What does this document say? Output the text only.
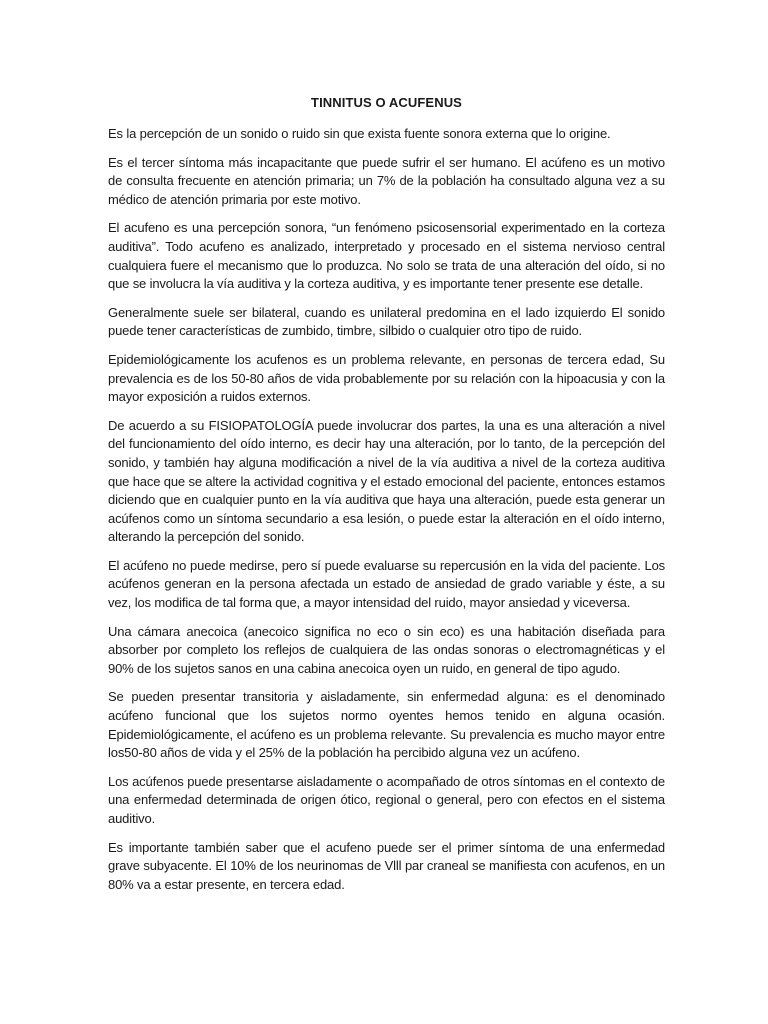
TINNITUS O ACUFENUS

Es la percepción de un sonido o ruido sin que exista fuente sonora externa que lo origine.

Es el tercer síntoma más incapacitante que puede sufrir el ser humano. El acúfeno es un motivo de consulta frecuente en atención primaria; un 7% de la población ha consultado alguna vez a su médico de atención primaria por este motivo.

El acufeno es una percepción sonora, “un fenómeno psicosensorial experimentado en la corteza auditiva”. Todo acufeno es analizado, interpretado y procesado en el sistema nervioso central cualquiera fuere el mecanismo que lo produzca. No solo se trata de una alteración del oído, si no que se involucra la vía auditiva y la corteza auditiva, y es importante tener presente ese detalle.

Generalmente suele ser bilateral, cuando es unilateral predomina en el lado izquierdo El sonido puede tener características de zumbido, timbre, silbido o cualquier otro tipo de ruido.

Epidemiológicamente los acufenos es un problema relevante, en personas de tercera edad, Su prevalencia es de los 50-80 años de vida probablemente por su relación con la hipoacusia y con la mayor exposición a ruidos externos.

De acuerdo a su FISIOPATOLOGÍA puede involucrar dos partes, la una es una alteración a nivel del funcionamiento del oído interno, es decir hay una alteración, por lo tanto, de la percepción del sonido, y también hay alguna modificación a nivel de la vía auditiva a nivel de la corteza auditiva que hace que se altere la actividad cognitiva y el estado emocional del paciente, entonces estamos diciendo que en cualquier punto en la vía auditiva que haya una alteración, puede esta generar un acúfenos como un síntoma secundario a esa lesión, o puede estar la alteración en el oído interno, alterando la percepción del sonido.

El acúfeno no puede medirse, pero sí puede evaluarse su repercusión en la vida del paciente. Los acúfenos generan en la persona afectada un estado de ansiedad de grado variable y éste, a su vez, los modifica de tal forma que, a mayor intensidad del ruido, mayor ansiedad y viceversa.

Una cámara anecoica (anecoico significa no eco o sin eco) es una habitación diseñada para absorber por completo los reflejos de cualquiera de las ondas sonoras o electromagnéticas y el 90% de los sujetos sanos en una cabina anecoica oyen un ruido, en general de tipo agudo.

Se pueden presentar transitoria y aisladamente, sin enfermedad alguna: es el denominado acúfeno funcional que los sujetos normo oyentes hemos tenido en alguna ocasión. Epidemiológicamente, el acúfeno es un problema relevante. Su prevalencia es mucho mayor entre los50-80 años de vida y el 25% de la población ha percibido alguna vez un acúfeno.

Los acúfenos puede presentarse aisladamente o acompañado de otros síntomas en el contexto de una enfermedad determinada de origen ótico, regional o general, pero con efectos en el sistema auditivo.

Es importante también saber que el acufeno puede ser el primer síntoma de una enfermedad grave subyacente. El 10% de los neurinomas de Vlll par craneal se manifiesta con acufenos, en un 80% va a estar presente, en tercera edad.
